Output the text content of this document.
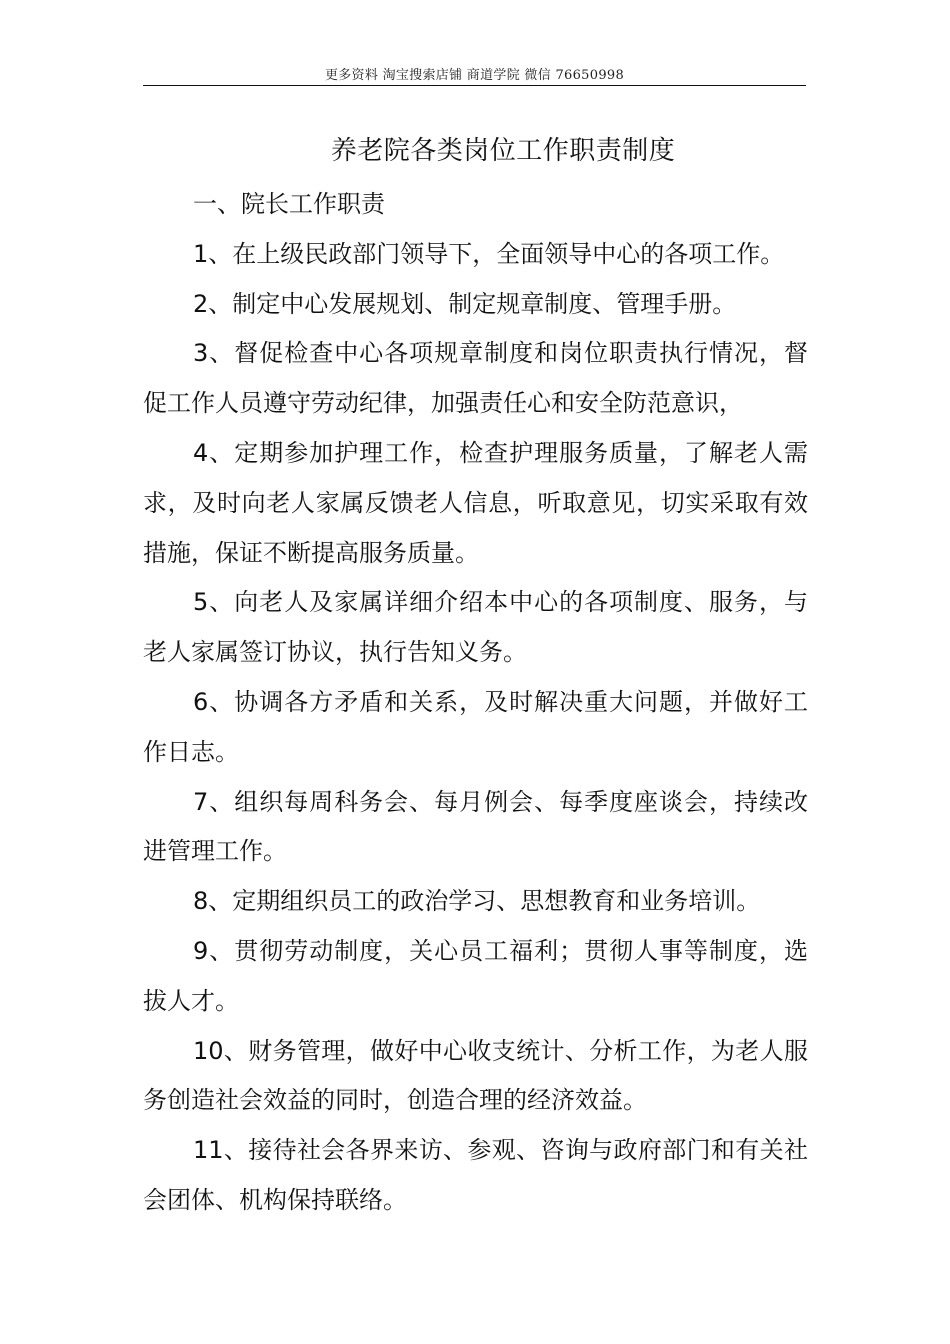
更多资料 淘宝搜索店铺 商道学院 微信 76650998
养老院各类岗位工作职责制度

一、院长工作职责

1、在上级民政部门领导下，全面领导中心的各项工作。

2、制定中心发展规划、制定规章制度、管理手册。

3、督促检查中心各项规章制度和岗位职责执行情况，督促工作人员遵守劳动纪律，加强责任心和安全防范意识，

4、定期参加护理工作，检查护理服务质量，了解老人需求，及时向老人家属反馈老人信息，听取意见，切实采取有效措施，保证不断提高服务质量。

5、向老人及家属详细介绍本中心的各项制度、服务，与老人家属签订协议，执行告知义务。

6、协调各方矛盾和关系，及时解决重大问题，并做好工作日志。

7、组织每周科务会、每月例会、每季度座谈会，持续改进管理工作。

8、定期组织员工的政治学习、思想教育和业务培训。

9、贯彻劳动制度，关心员工福利；贯彻人事等制度，选拔人才。

10、财务管理，做好中心收支统计、分析工作，为老人服务创造社会效益的同时，创造合理的经济效益。

11、接待社会各界来访、参观、咨询与政府部门和有关社会团体、机构保持联络。
